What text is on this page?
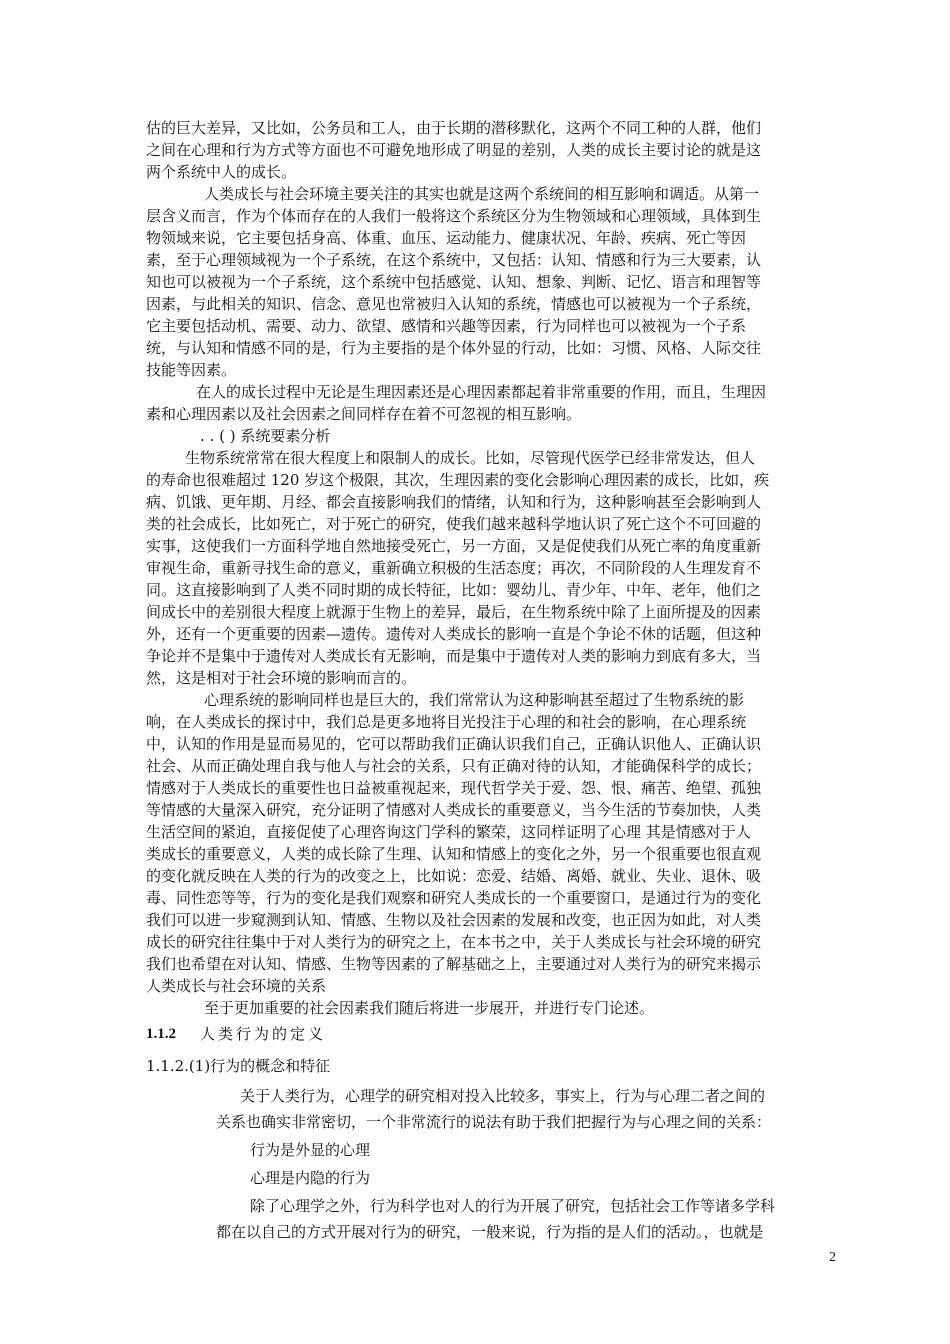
估的巨大差异，又比如，公务员和工人，由于长期的潜移默化，这两个不同工种的人群，他们
之间在心理和行为方式等方面也不可避免地形成了明显的差别，人类的成长主要讨论的就是这
两个系统中人的成长。
人类成长与社会环境主要关注的其实也就是这两个系统间的相互影响和调适。从第一
层含义而言，作为个体而存在的人我们一般将这个系统区分为生物领域和心理领域，具体到生
物领域来说，它主要包括身高、体重、血压、运动能力、健康状况、年龄、疾病、死亡等因
素，至于心理领域视为一个子系统，在这个系统中，又包括：认知、情感和行为三大要素，认
知也可以被视为一个子系统，这个系统中包括感觉、认知、想象、判断、记忆、语言和理智等
因素，与此相关的知识、信念、意见也常被归入认知的系统，情感也可以被视为一个子系统，
它主要包括动机、需要、动力、欲望、感情和兴趣等因素，行为同样也可以被视为一个子系
统，与认知和情感不同的是，行为主要指的是个体外显的行动，比如：习惯、风格、人际交往
技能等因素。
在人的成长过程中无论是生理因素还是心理因素都起着非常重要的作用，而且，生理因
素和心理因素以及社会因素之间同样存在着不可忽视的相互影响。
. . ( ) 系统要素分析
生物系统常常在很大程度上和限制人的成长。比如，尽管现代医学已经非常发达，但人
的寿命也很难超过 120 岁这个极限，其次，生理因素的变化会影响心理因素的成长，比如，疾
病、饥饿、更年期、月经、都会直接影响我们的情绪，认知和行为，这种影响甚至会影响到人
类的社会成长，比如死亡，对于死亡的研究，使我们越来越科学地认识了死亡这个不可回避的
实事，这使我们一方面科学地自然地接受死亡，另一方面，又是促使我们从死亡率的角度重新
审视生命，重新寻找生命的意义，重新确立积极的生活态度；再次，不同阶段的人生理发育不
同。这直接影响到了人类不同时期的成长特征，比如：婴幼儿、青少年、中年、老年，他们之
间成长中的差别很大程度上就源于生物上的差异，最后，在生物系统中除了上面所提及的因素
外，还有一个更重要的因素—遗传。遗传对人类成长的影响一直是个争论不休的话题，但这种
争论并不是集中于遗传对人类成长有无影响，而是集中于遗传对人类的影响力到底有多大，当
然，这是相对于社会环境的影响而言的。
心理系统的影响同样也是巨大的，我们常常认为这种影响甚至超过了生物系统的影
响，在人类成长的探讨中，我们总是更多地将目光投注于心理的和社会的影响，在心理系统
中，认知的作用是显而易见的，它可以帮助我们正确认识我们自己，正确认识他人、正确认识
社会、从而正确处理自我与他人与社会的关系，只有正确对待的认知，才能确保科学的成长；
情感对于人类成长的重要性也日益被重视起来，现代哲学关于爱、怨、恨、痛苦、绝望、孤独
等情感的大量深入研究，充分证明了情感对人类成长的重要意义，当今生活的节奏加快，人类
生活空间的紧迫，直接促使了心理咨询这门学科的繁荣，这同样证明了心理 其是情感对于人
类成长的重要意义，人类的成长除了生理、认知和情感上的变化之外，另一个很重要也很直观
的变化就反映在人类的行为的改变之上，比如说：恋爱、结婚、离婚、就业、失业、退休、吸
毒、同性恋等等，行为的变化是我们观察和研究人类成长的一个重要窗口，是通过行为的变化
我们可以进一步窥测到认知、情感、生物以及社会因素的发展和改变，也正因为如此，对人类
成长的研究往往集中于对人类行为的研究之上，在本书之中，关于人类成长与社会环境的研究
我们也希望在对认知、情感、生物等因素的了解基础之上，主要通过对人类行为的研究来揭示
人类成长与社会环境的关系
至于更加重要的社会因素我们随后将进一步展开，并进行专门论述。
1.1.2 人类行为的定义
1.1.2.(1)行为的概念和特征
关于人类行为，心理学的研究相对投入比较多，事实上，行为与心理二者之间的
关系也确实非常密切，一个非常流行的说法有助于我们把握行为与心理之间的关系：
行为是外显的心理
心理是内隐的行为
除了心理学之外，行为科学也对人的行为开展了研究，包括社会工作等诸多学科
都在以自己的方式开展对行为的研究，一般来说，行为指的是人们的活动。，也就是
2
